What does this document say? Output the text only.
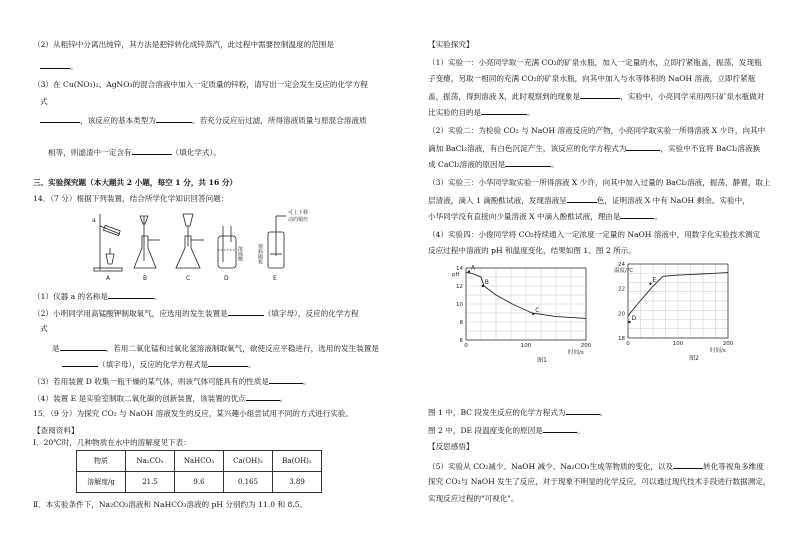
（2）从粗锌中分离出纯锌，其方法是把锌转化成锌蒸汽，此过程中需要控制温度的范围是
。
（3）在 Cu(NO₃)₂、AgNO₃的混合溶液中加入一定质量的锌粉，请写出一定会发生反应的化学方程
式
，该反应的基本类型为	。若充分反应后过滤，所得溶液质量与原混合溶液质
相等，则滤渣中一定含有	（填化学式）。
三、实验探究题（本大题共 2 小题，每空 1 分，共 16 分）
14．（7 分）根据下列装置，结合所学化学知识回答问题：
a
浓硫酸	塑料隔板
可上下移
动的铜丝
A	B	C	D	E
（1）仪器 a 的名称是	。
（2）小明同学用高锰酸钾制取氧气，应选用的发生装置是	（填字母），反应的化学方程
式
是	。若用二氧化锰和过氧化氢溶液制取氧气，欲使反应平稳进行，选用的发生装置是
（填字母），反应的化学方程式是	。
（3）若用装置 D 收集一瓶干燥的某气体，则该气体可能具有的性质是	。
（4）装置 E 是实验室制取二氧化碳的创新装置，该装置的优点	。
15．（9 分）为探究 CO₂ 与 NaOH 溶液发生的反应，某兴趣小组尝试用不同的方式进行实验。
【查阅资料】
Ⅰ．20℃时，几种物质在水中的溶解度见下表：
物质	Na₂CO₃	NaHCO₃	Ca(OH)₂	Ba(OH)₂
溶解度/g	21.5	9.6	0.165	3.89
Ⅱ．本实验条件下，Na₂CO₃溶液和 NaHCO₃溶液的 pH 分别约为 11.0 和 8.5。
【实验探究】
（1）实验一：小亮同学取一充满 CO₂的矿泉水瓶，加入一定量的水，立即拧紧瓶盖，振荡，发现瓶
子变瘪，另取一相同的充满 CO₂的矿泉水瓶，向其中加入与水等体积的 NaOH 溶液，立即拧紧瓶
盖，振荡，得到溶液 X，此时观察到的现象是	，实验中，小亮同学采用两只矿泉水瓶做对
比实验的目的是	。
（2）实验二：为检验 CO₂ 与 NaOH 溶液反应的产物，小亮同学取实验一所得溶液 X 少许，向其中
滴加 BaCl₂溶液，有白色沉淀产生，该反应的化学方程式为	，实验中不宜将 BaCl₂溶液换
成 CaCl₂溶液的原因是	。
（3）实验三：小华同学取实验一所得溶液 X 少许，向其中加入过量的 BaCl₂溶液，振荡，静置，取上
层清液，滴入 1 滴酚酞试液，发现溶液呈	色，证明溶液 X 中有 NaOH 剩余。实验中，
小华同学没有直接向少量溶液 X 中滴入酚酞试液，理由是	。
（4）实验四：小俊同学将 CO₂持续通入一定浓度一定量的 NaOH 溶液中，用数字化实验技术测定
反应过程中溶液的 pH 和温度变化，结果如图 1、图 2 所示。
6
8
10
12
14
0	100	200
pH
时间/s
图1
A
B
C
18
20
22
24
0	100	200
温度/℃
时间/s
图2
D
E
图 1 中，BC 段发生反应的化学方程式为	。
图 2 中，DE 段温度变化的原因是	。
【反思感悟】
（5）实验从 CO₂减少、NaOH 减少、Na₂CO₃生成等物质的变化，以及	转化等视角多维度
探究 CO₂与 NaOH 发生了反应，对于现象不明显的化学反应，可以通过现代技术手段进行数据测定，
实现反应过程的"可视化"。
